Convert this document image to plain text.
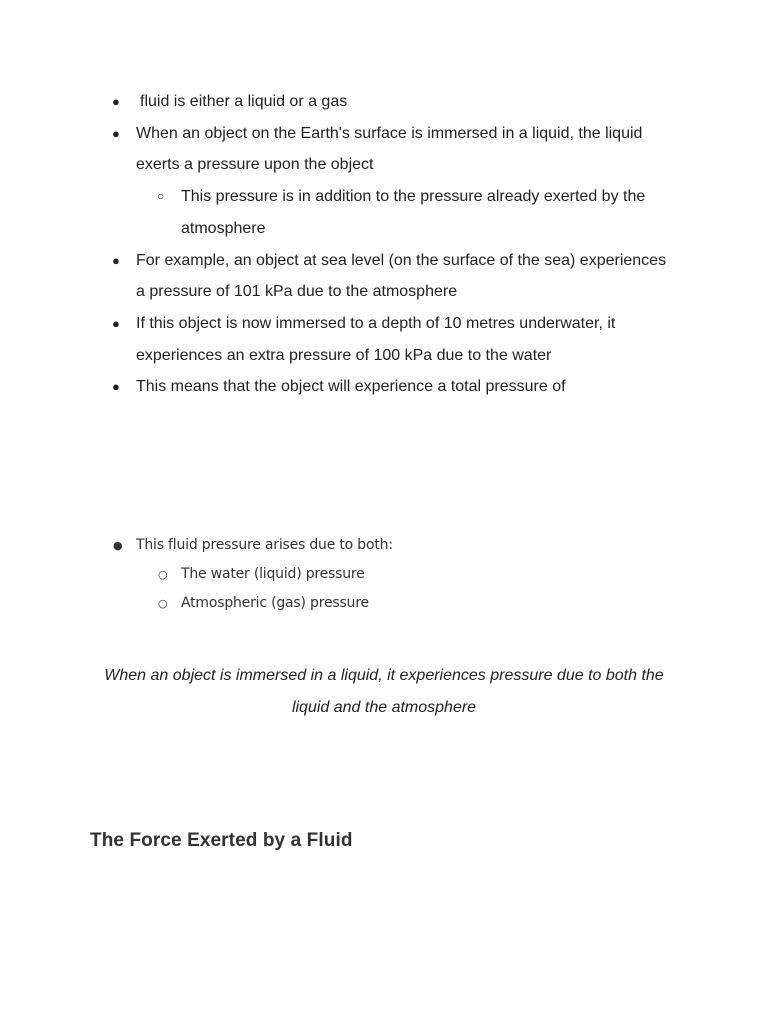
● fluid is either a liquid or a gas
● When an object on the Earth's surface is immersed in a liquid, the liquid exerts a pressure upon the object
○ This pressure is in addition to the pressure already exerted by the atmosphere
● For example, an object at sea level (on the surface of the sea) experiences a pressure of 101 kPa due to the atmosphere
● If this object is now immersed to a depth of 10 metres underwater, it experiences an extra pressure of 100 kPa due to the water
● This means that the object will experience a total pressure of
● This fluid pressure arises due to both:
○ The water (liquid) pressure
○ Atmospheric (gas) pressure

When an object is immersed in a liquid, it experiences pressure due to both the liquid and the atmosphere

The Force Exerted by a Fluid
